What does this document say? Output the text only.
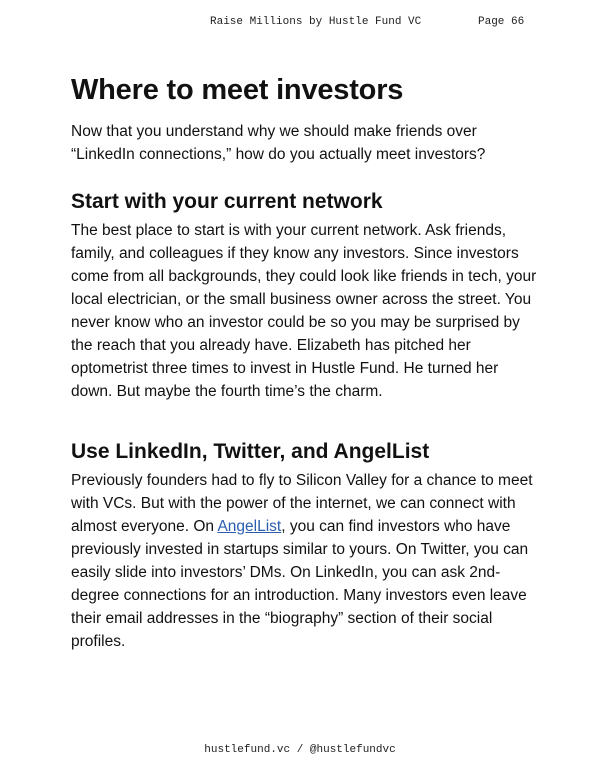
Raise Millions by Hustle Fund VC	Page 66
Where to meet investors

Now that you understand why we should make friends over “LinkedIn connections,” how do you actually meet investors?

Start with your current network

The best place to start is with your current network. Ask friends, family, and colleagues if they know any investors. Since investors come from all backgrounds, they could look like friends in tech, your local electrician, or the small business owner across the street. You never know who an investor could be so you may be surprised by the reach that you already have. Elizabeth has pitched her optometrist three times to invest in Hustle Fund. He turned her down. But maybe the fourth time’s the charm.

Use LinkedIn, Twitter, and AngelList

Previously founders had to fly to Silicon Valley for a chance to meet with VCs. But with the power of the internet, we can connect with almost everyone. On AngelList, you can find investors who have previously invested in startups similar to yours. On Twitter, you can easily slide into investors’ DMs. On LinkedIn, you can ask 2nd-degree connections for an introduction. Many investors even leave their email addresses in the “biography” section of their social profiles.

hustlefund.vc / @hustlefundvc
